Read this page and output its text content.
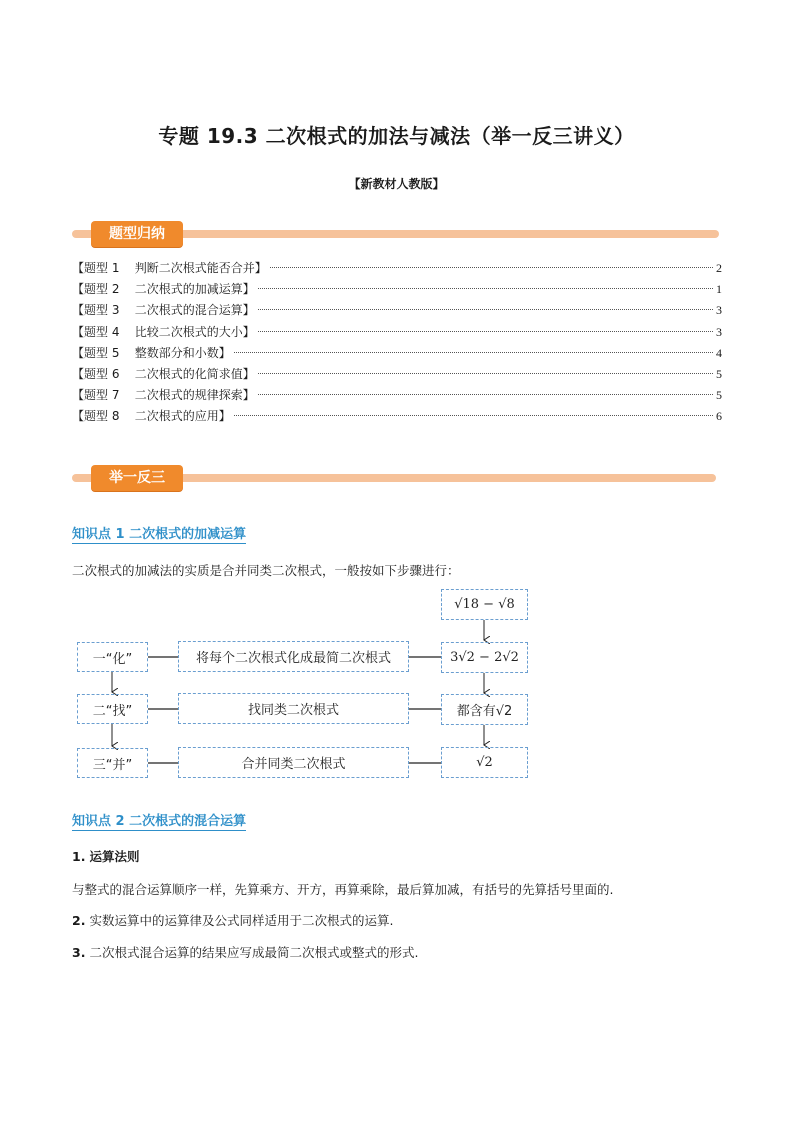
专题 19.3 二次根式的加法与减法（举一反三讲义）
【新教材人教版】
题型归纳
【题型 1    判断二次根式能否合并】	2
【题型 2    二次根式的加减运算】	1
【题型 3    二次根式的混合运算】	3
【题型 4    比较二次根式的大小】	3
【题型 5    整数部分和小数】	4
【题型 6    二次根式的化简求值】	5
【题型 7    二次根式的规律探索】	5
【题型 8    二次根式的应用】	6
举一反三
知识点 1 二次根式的加减运算
二次根式的加减法的实质是合并同类二次根式，一般按如下步骤进行：
一“化”	将每个二次根式化成最简二次根式
二“找”	找同类二次根式
三“并”	合并同类二次根式
√18 − √8
3√2 − 2√2
都含有√2
√2
知识点 2 二次根式的混合运算
1. 运算法则
与整式的混合运算顺序一样，先算乘方、开方，再算乘除，最后算加减，有括号的先算括号里面的.
2. 实数运算中的运算律及公式同样适用于二次根式的运算.
3. 二次根式混合运算的结果应写成最简二次根式或整式的形式.
